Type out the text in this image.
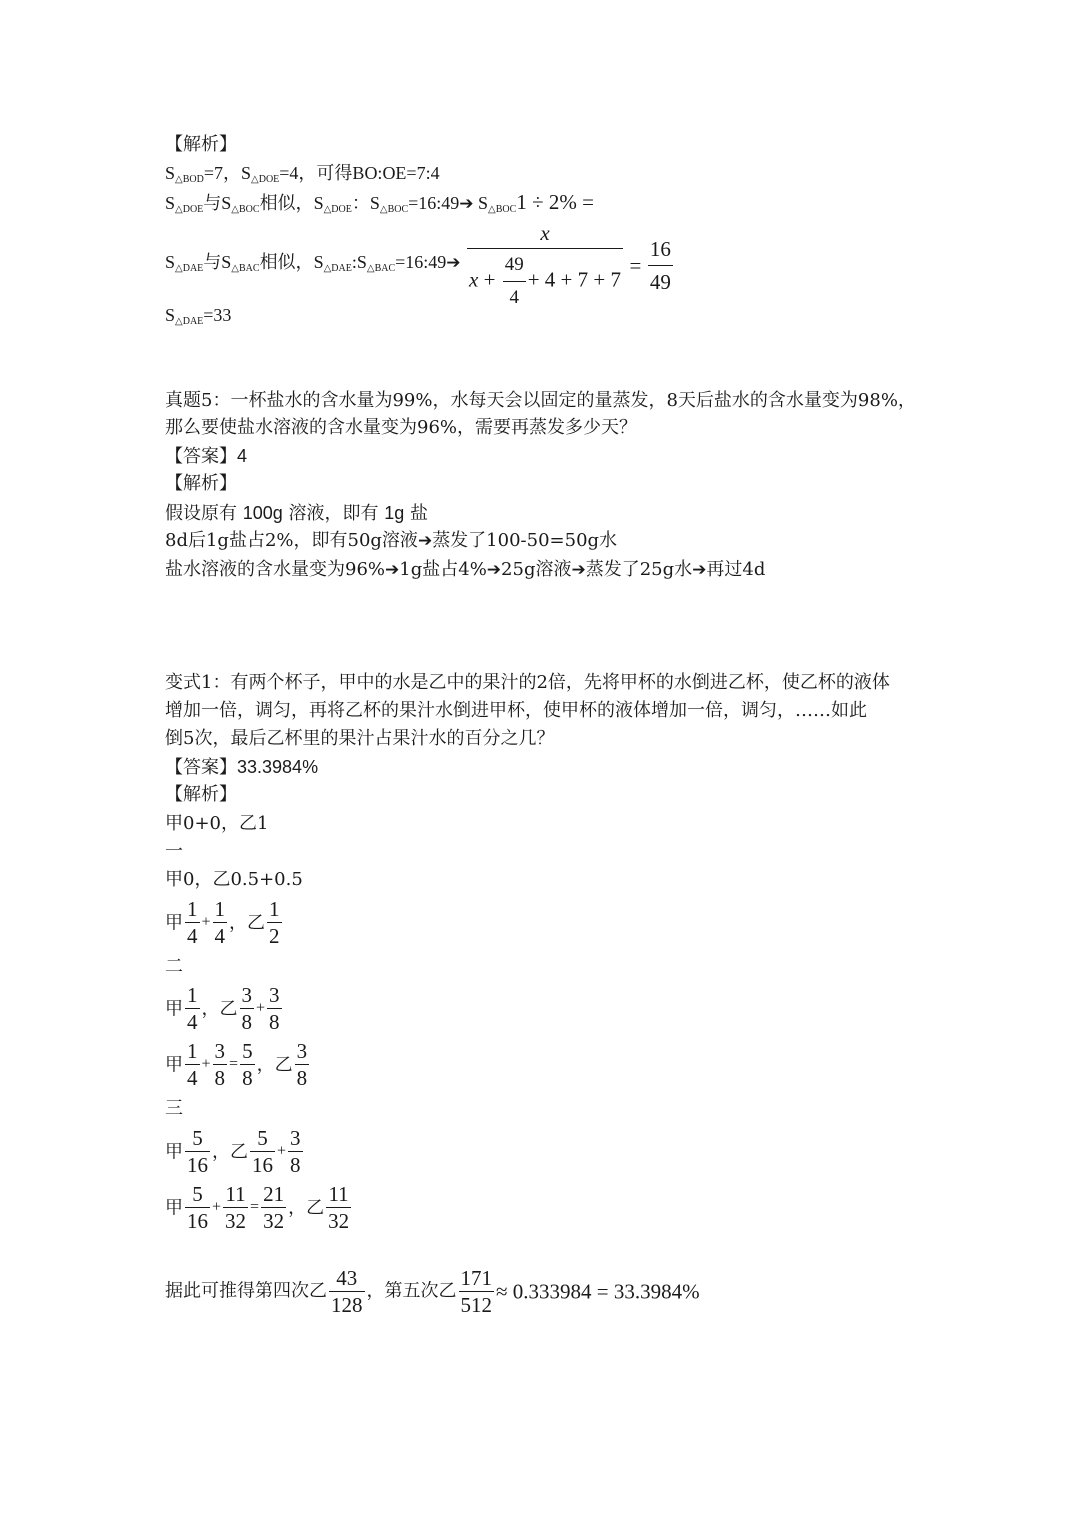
【解析】
$S_{\triangle BOD}=7$，$S_{\triangle DOE}=4$，可得BO:OE=7:4
$S_{\triangle DOE}$与$S_{\triangle BOC}$相似，$S_{\triangle DOE}$：$S_{\triangle BOC}=16:49➔$ $S_{\triangle BOC}1 \div 2\%$ =
$S_{\triangle DAE}$与$S_{\triangle BAC}$相似，$S_{\triangle DAE}:S_{\triangle BAC}=16:49➔ \frac{x}{x + \frac{49}{4} + 4 + 7 + 7} = \frac{16}{49}$
$S_{\triangle DAE}=33$
真题5：一杯盐水的含水量为99%，水每天会以固定的量蒸发，8天后盐水的含水量变为98%，
那么要使盐水溶液的含水量变为96%，需要再蒸发多少天？
【答案】4
【解析】
假设原有 100g 溶液，即有 1g 盐
8d后1g盐占2%，即有50g溶液➔蒸发了100-50=50g水
盐水溶液的含水量变为96%➔1g盐占4%➔25g溶液➔蒸发了25g水➔再过4d
变式1：有两个杯子，甲中的水是乙中的果汁的2倍，先将甲杯的水倒进乙杯，使乙杯的液体
增加一倍，调匀，再将乙杯的果汁水倒进甲杯，使甲杯的液体增加一倍，调匀，……如此
倒5次，最后乙杯里的果汁占果汁水的百分之几？
【答案】33.3984%
【解析】
甲0+0，乙1
一
甲0，乙0.5+0.5
甲 $\frac{1}{4} + \frac{1}{4}$ ，乙 $\frac{1}{2}$
二
甲 $\frac{1}{4}$ ，乙 $\frac{3}{8} + \frac{3}{8}$
甲 $\frac{1}{4} + \frac{3}{8} = \frac{5}{8}$ ，乙 $\frac{3}{8}$
三
甲 $\frac{5}{16}$ ，乙 $\frac{5}{16} + \frac{3}{8}$
甲 $\frac{5}{16} + \frac{11}{32} = \frac{21}{32}$ ，乙 $\frac{11}{32}$
据此可推得第四次乙 $\frac{43}{128}$ ，第五次乙 $\frac{171}{512} \approx 0.333984 = 33.3984\%$
